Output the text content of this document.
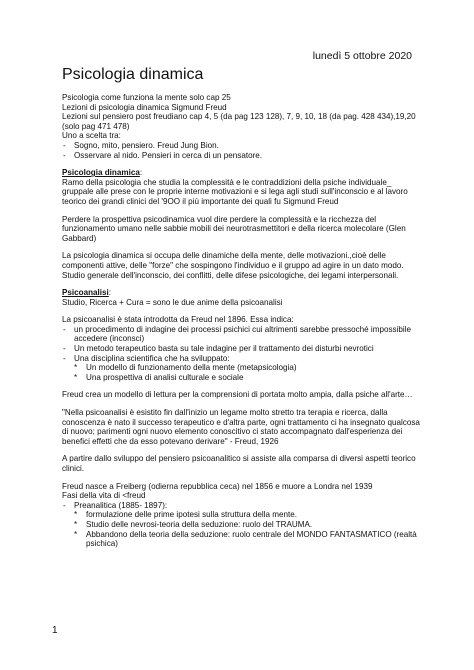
lunedì 5 ottobre 2020
Psicologia dinamica

Psicologia come funziona la mente solo cap 25

Lezioni di psicologia dinamica Sigmund Freud

Lezioni sul pensiero post freudiano cap 4, 5 (da pag 123 128), 7, 9, 10, 18 (da pag. 428 434),19,20 (solo pag 471 478)

Uno a scelta tra:

- Sogno, mito, pensiero. Freud Jung Bion.

- Osservare al nido. Pensieri in cerca di un pensatore.

Psicologia dinamica:

Ramo della psicologia che studia la complessità e le contraddizioni della psiche individuale_ gruppale alle prese con le proprie interne motivazioni e si lega agli studi sull'inconscio e al lavoro teorico dei grandi clinici del '9OO il più importante dei quali fu Sigmund Freud

Perdere la prospettiva psicodinamica vuol dire perdere la complessità e la ricchezza del funzionamento umano nelle sabbie mobili dei neurotrasmettitori e della ricerca molecolare (Glen Gabbard)

La psicologia dinamica si occupa delle dinamiche della mente, delle motivazioni.,cioè delle componenti attive, delle "forze" che sospingono l'individuo e il gruppo ad agire in un dato modo.

Studio generale dell'inconscio, dei conflitti, delle difese psicologiche, dei legami interpersonali.

Psicoanalisi:

Studio, Ricerca + Cura = sono le due anime della psicoanalisi

La psicoanalisi è stata introdotta da Freud nel 1896. Essa indica:

- un procedimento di indagine dei processi psichici cui altrimenti sarebbe pressoché impossibile accedere (inconsci)

- Un metodo terapeutico basta su tale indagine per il trattamento dei disturbi nevrotici

- Una disciplina scientifica che ha sviluppato:

* Un modello di funzionamento della mente (metapsicologia)

* Una prospettiva di analisi culturale e sociale

Freud crea un modello di lettura per la comprensioni di portata molto ampia, dalla psiche all'arte…

"Nella psicoanalisi è esistito fin dall'inizio un legame molto stretto tra terapia e ricerca, dalla conoscenza è nato il successo terapeutico e d'altra parte, ogni trattamento ci ha insegnato qualcosa di nuovo; parimenti ogni nuovo elemento conoscitivo ci stato accompagnato dall'esperienza dei benefici effetti che da esso potevano derivare" - Freud, 1926

A partire dallo sviluppo del pensiero psicoanalitico si assiste alla comparsa di diversi aspetti teorico clinici.

Freud nasce a Freiberg (odierna repubblica ceca) nel 1856 e muore a Londra nel 1939

Fasi della vita di <freud

- Preanalitica (1885- 1897):

* formulazione delle prime ipotesi sulla struttura della mente.

* Studio delle nevrosi-teoria della seduzione: ruolo del TRAUMA.

* Abbandono della teoria della seduzione: ruolo centrale del MONDO FANTASMATICO (realtà psichica)

1
